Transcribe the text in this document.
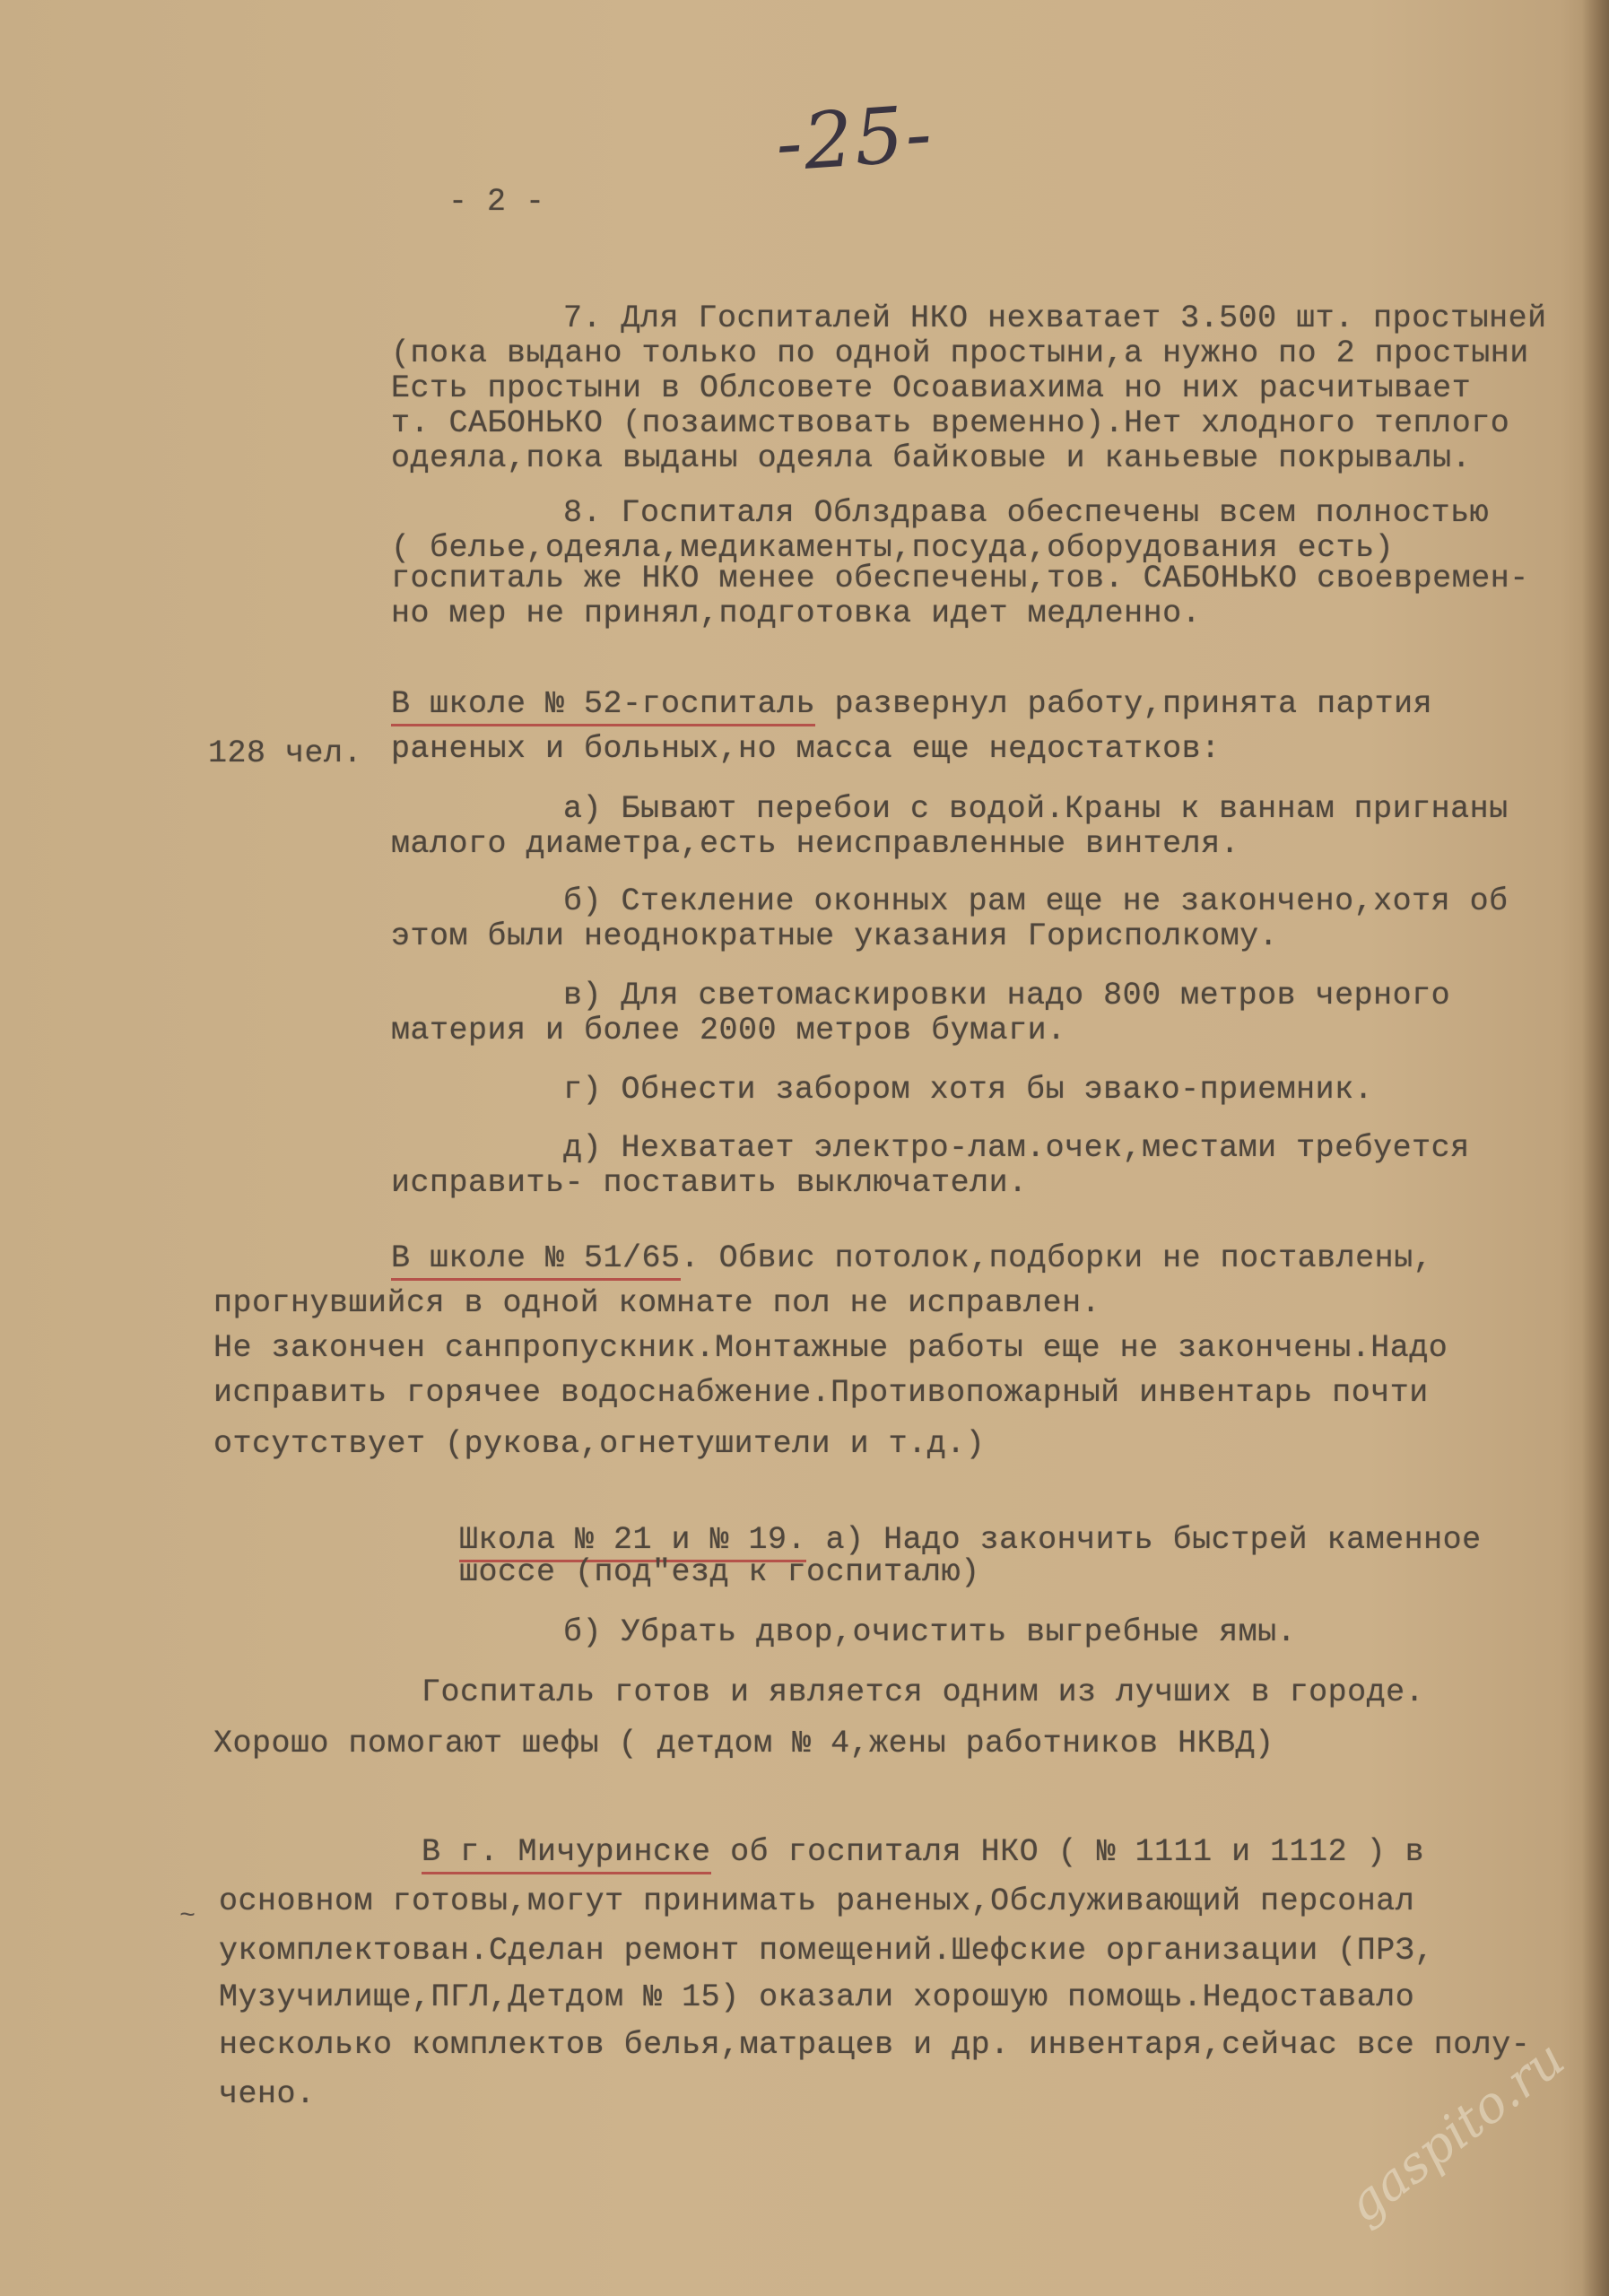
-25-
- 2 -
7. Для Госпиталей НКО нехватает 3.500 шт. простыней
(пока выдано только по одной простыни,а нужно по 2 простыни
Есть простыни в Облсовете Осоавиахима но них расчитывает
т. САБОНЬКО (позаимствовать временно).Нет хлодного теплого
одеяла,пока выданы одеяла байковые и каньевые покрывалы.
8. Госпиталя Облздрава обеспечены всем полностью
( белье,одеяла,медикаменты,посуда,оборудования есть)
госпиталь же НКО менее обеспечены,тов. САБОНЬКО своевремен-
но мер не принял,подготовка идет медленно.
В школе № 52-госпиталь развернул работу,принята партия
128 чел. раненых и больных,но масса еще недостатков:
а) Бывают перебои с водой.Краны к ваннам пригнаны
малого диаметра,есть неисправленные винтеля.
б) Стекление оконных рам еще не закончено,хотя об
этом были неоднократные указания Горисполкому.
в) Для светомаскировки надо 800 метров черного
материя и более 2000 метров бумаги.
г) Обнести забором хотя бы эвако-приемник.
д) Нехватает электро-лам.очек,местами требуется
исправить- поставить выключатели.
В школе № 51/65. Обвис потолок,подборки не поставлены,
прогнувшийся в одной комнате пол не исправлен.
Не закончен санпропускник.Монтажные работы еще не закончены.Надо
исправить горячее водоснабжение.Противопожарный инвентарь почти
отсутствует (рукова,огнетушители и т.д.)
Школа № 21 и № 19. а) Надо закончить быстрей каменное
шоссе (под"езд к госпиталю)
б) Убрать двор,очистить выгребные ямы.
Госпиталь готов и является одним из лучших в городе.
Хорошо помогают шефы ( детдом № 4,жены работников НКВД)
В г. Мичуринске об госпиталя НКО ( № 1111 и 1112 ) в
основном готовы,могут принимать раненых,Обслуживающий персонал
~
укомплектован.Сделан ремонт помещений.Шефские организации (ПРЗ,
Музучилище,ПГЛ,Детдом № 15) оказали хорошую помощь.Недоставало
несколько комплектов белья,матрацев и др. инвентаря,сейчас все полу-
чено.	gaspito.ru
